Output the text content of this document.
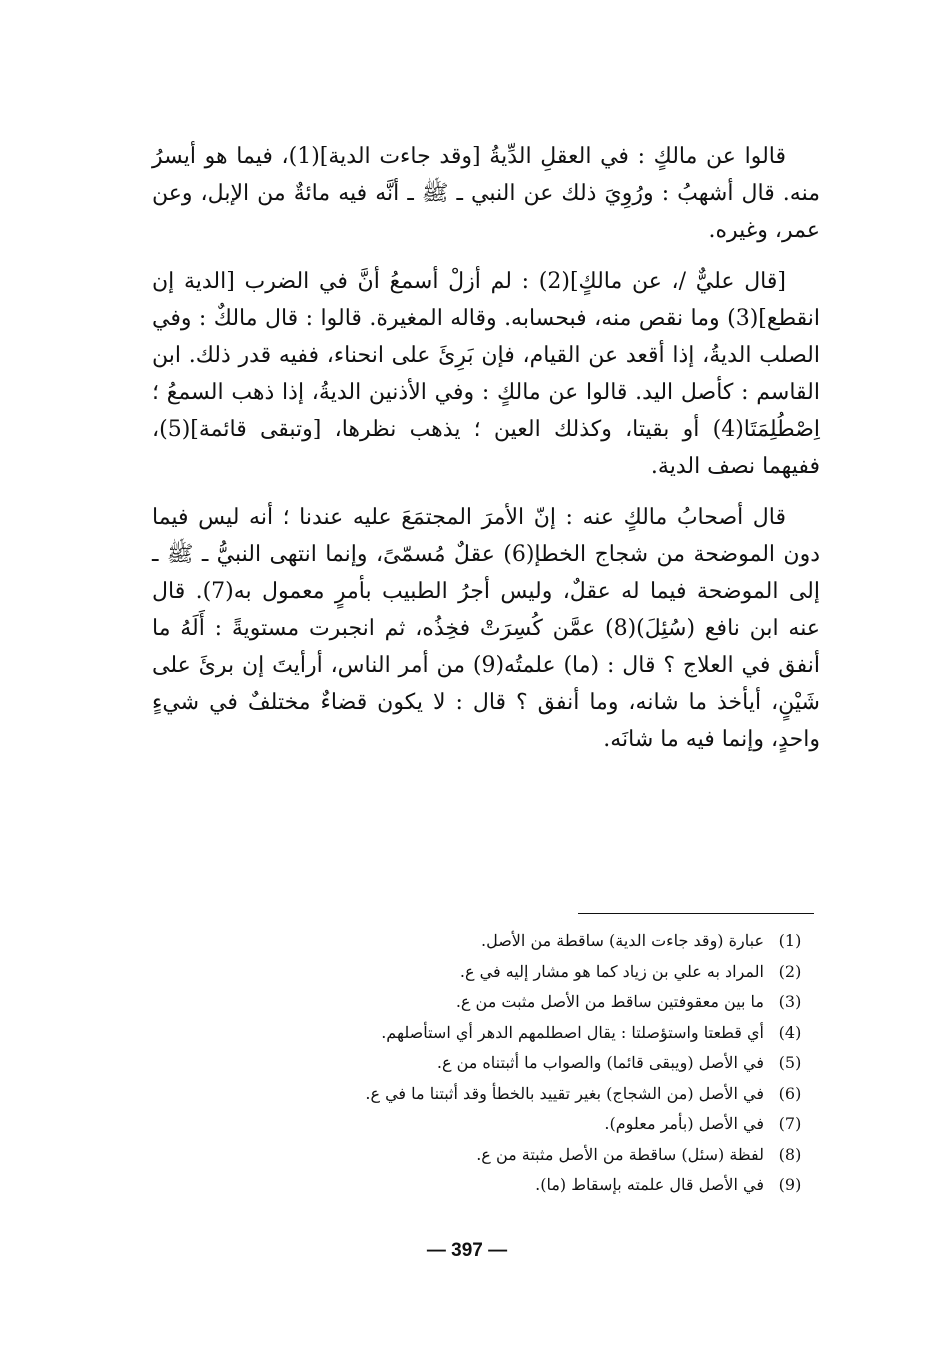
قالوا عن مالكٍ : في العقلِ الدِّيةُ [وقد جاءت الدية](1)، فيما هو أيسرُ منه. قال أشهبُ : ورُوِيَ ذلك عن النبي ـ ﷺ ـ أنَّه فيه مائةٌ من الإبل، وعن عمر، وغيره.

[قال عليٌّ /، عن مالكٍ](2) : لم أزلْ أسمعُ أنَّ في الضرب [الدية إن انقطع](3) وما نقص منه، فبحسابه. وقاله المغيرة. قالوا : قال مالكٌ : وفي الصلب الديةُ، إذا أقعد عن القيام، فإن بَرِئَ على انحناء، ففيه قدر ذلك. ابن القاسم : كأصل اليد. قالوا عن مالكٍ : وفي الأذنين الديةُ، إذا ذهب السمعُ ؛ اِصْطُلِمَتَا(4) أو بقيتا، وكذلك العين ؛ يذهب نظرها، [وتبقى قائمة](5)، ففيهما نصف الدية.

قال أصحابُ مالكٍ عنه : إنّ الأمرَ المجتمَعَ عليه عندنا ؛ أنه ليس فيما دون الموضحة من شجاج الخطإ(6) عقلٌ مُسمّىً، وإنما انتهى النبيُّ ـ ﷺ ـ إلى الموضحة فيما له عقلٌ، وليس أجرُ الطبيب بأمرٍ معمول به(7). قال عنه ابن نافع (سُئِلَ)(8) عمَّن كُسِرَتْ فخِذُه، ثم انجبرت مستويةً : أَلَهُ ما أنفق في العلاج ؟ قال : (ما) علمتُه(9) من أمر الناس، أرأيتَ إن برئَ على شَيْنٍ، أيأخذ ما شانه، وما أنفق ؟ قال : لا يكون قضاءٌ مختلفٌ في شيءٍ واحدٍ، وإنما فيه ما شانَه.

(1)
عبارة (وقد جاءت الدية) ساقطة من الأصل.
(2)
المراد به علي بن زياد كما هو مشار إليه في ع.
(3)
ما بين معقوفتين ساقط من الأصل مثبت من ع.
(4)
أي قطعتا واستؤصلتا : يقال اصطلمهم الدهر أي استأصلهم.
(5)
في الأصل (ويبقى قائما) والصواب ما أثبتناه من ع.
(6)
في الأصل (من الشجاج) بغير تقييد بالخطأ وقد أثبتنا ما في ع.
(7)
في الأصل (بأمر معلوم).
(8)
لفظة (سئل) ساقطة من الأصل مثبتة من ع.
(9)
في الأصل قال علمته بإسقاط (ما).
— 397 —
